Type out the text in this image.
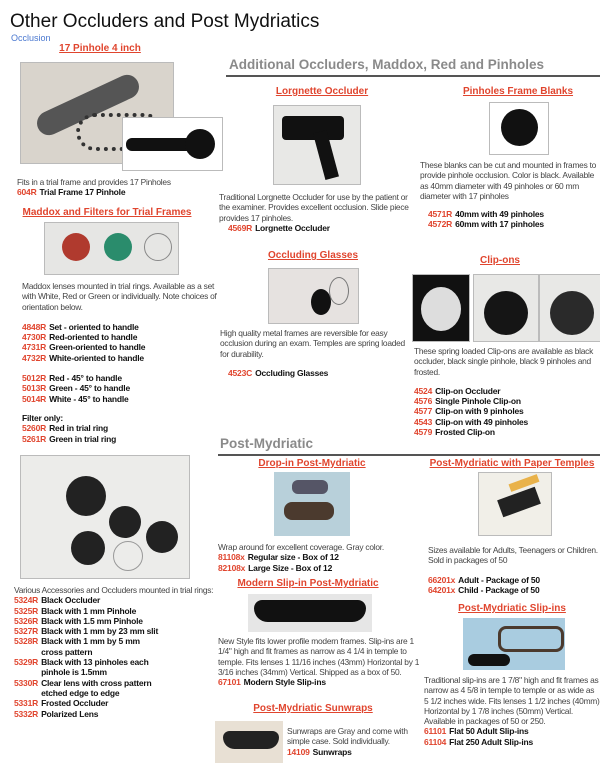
Other Occluders and Post Mydriatics
Occlusion
17 Pinhole 4 inch
Fits in a trial frame and provides 17 Pinholes
604R Trial Frame 17 Pinhole
Maddox and Filters for Trial Frames
Maddox lenses mounted in trial rings. Available as a set with White, Red or Green or individually. Note choices of orientation below.
4848R Set - oriented to handle
4730R Red-oriented to handle
4731R Green-oriented to handle
4732R White-oriented to handle
5012R Red - 45° to handle
5013R Green - 45° to handle
5014R White - 45° to handle
Filter only:
5260R Red in trial ring
5261R Green in trial ring
Various Accessories and Occluders mounted in trial rings:
5324R Black Occluder
5325R Black with 1 mm Pinhole
5326R Black with 1.5 mm Pinhole
5327R Black with 1 mm by 23 mm slit
5328R Black with 1 mm by 5 mm cross pattern
5329R Black with 13 pinholes each pinhole is 1.5mm
5330R Clear lens with cross pattern etched edge to edge
5331R Frosted Occluder
5332R Polarized Lens
Additional Occluders, Maddox, Red and Pinholes
Lorgnette Occluder
Traditional Lorgnette Occluder for use by the patient or the examiner. Provides excellent occlusion. Slide piece provides 17 pinholes.
4569R Lorgnette Occluder
Occluding Glasses
High quality metal frames are reversible for easy occlusion during an exam. Temples are spring loaded for durability.
4523C Occluding Glasses
Pinholes Frame Blanks
These blanks can be cut and mounted in frames to provide pinhole occlusion. Color is black. Available as 40mm diameter with 49 pinholes or 60 mm diameter with 17 pinholes
4571R 40mm with 49 pinholes
4572R 60mm with 17 pinholes
Clip-ons
These spring loaded Clip-ons are available as black occluder, black single pinhole, black 9 pinholes and frosted.
4524 Clip-on Occluder
4576 Single Pinhole Clip-on
4577 Clip-on with 9 pinholes
4543 Clip-on with 49 pinholes
4579 Frosted Clip-on
Post-Mydriatic
Drop-in Post-Mydriatic
Wrap around for excellent coverage. Gray color.
81108x Regular size - Box of 12
82108x Large Size - Box of 12
Modern Slip-in Post-Mydriatic
New Style fits lower profile modern frames. Slip-ins are 1 1/4" high and fit frames as narrow as 4 1/4 in temple to temple. Fits lenses 1 11/16 inches (43mm) Horizontal by 1 3/16 inches (34mm) Vertical. Shipped as a box of 50.
67101 Modern Style Slip-ins
Post-Mydriatic Sunwraps
Sunwraps are Gray and come with simple case. Sold individually.
14109 Sunwraps
Post-Mydriatic with Paper Temples
Sizes available for Adults, Teenagers or Children. Sold in packages of 50
66201x Adult - Package of 50
64201x Child - Package of 50
Post-Mydriatic Slip-ins
Traditional slip-ins are 1 7/8" high and fit frames as narrow as 4 5/8 in temple to temple or as wide as 5 1/2 inches wide. Fits lenses 1 1/2 inches (40mm) Horizontal by 1 7/8 inches (50mm) Vertical. Available in packages of 50 or 250.
61101 Flat 50 Adult Slip-ins
61104 Flat 250 Adult Slip-ins
